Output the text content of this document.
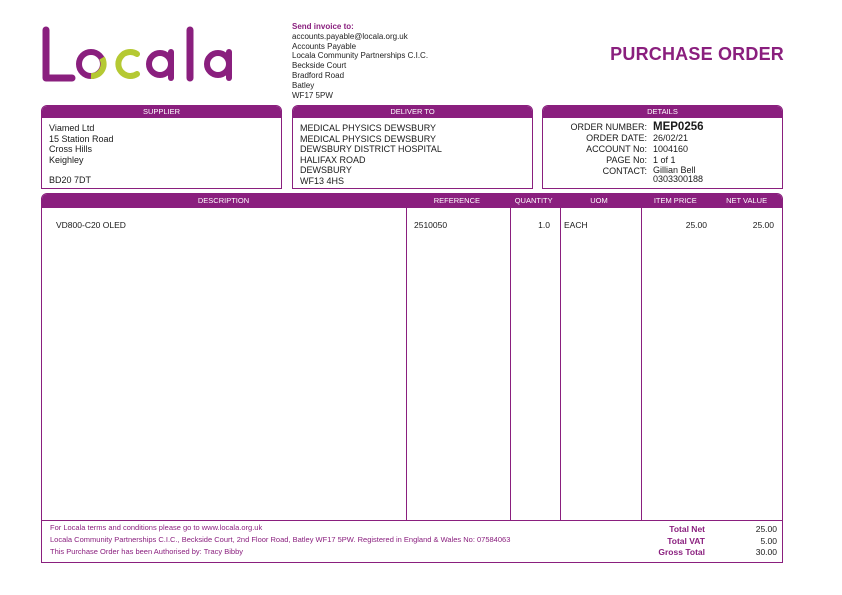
Send invoice to:
accounts.payable@locala.org.uk
Accounts Payable
Locala Community Partnerships C.I.C.
Beckside Court
Bradford Road
Batley
WF17 5PW
PURCHASE ORDER
SUPPLIER
Viamed Ltd
15 Station Road
Cross Hills
Keighley
BD20 7DT
DELIVER TO
MEDICAL PHYSICS DEWSBURY
MEDICAL PHYSICS DEWSBURY
DEWSBURY DISTRICT HOSPITAL
HALIFAX ROAD
DEWSBURY
WF13 4HS
DETAILS
ORDER NUMBER: MEP0256
ORDER DATE: 26/02/21
ACCOUNT No: 1004160
PAGE No: 1 of 1
CONTACT: Gillian Bell
0303300188
DESCRIPTION	REFERENCE	QUANTITY	UOM	ITEM PRICE	NET VALUE
VD800-C20 OLED	2510050	1.0 EACH	25.00	25.00
For Locala terms and conditions please go to www.locala.org.uk
Locala Community Partnerships C.I.C., Beckside Court, 2nd Floor Road, Batley WF17 5PW. Registered in England & Wales No: 07584063
This Purchase Order has been Authorised by: Tracy Bibby
Total Net	25.00
Total VAT	5.00
Gross Total	30.00
